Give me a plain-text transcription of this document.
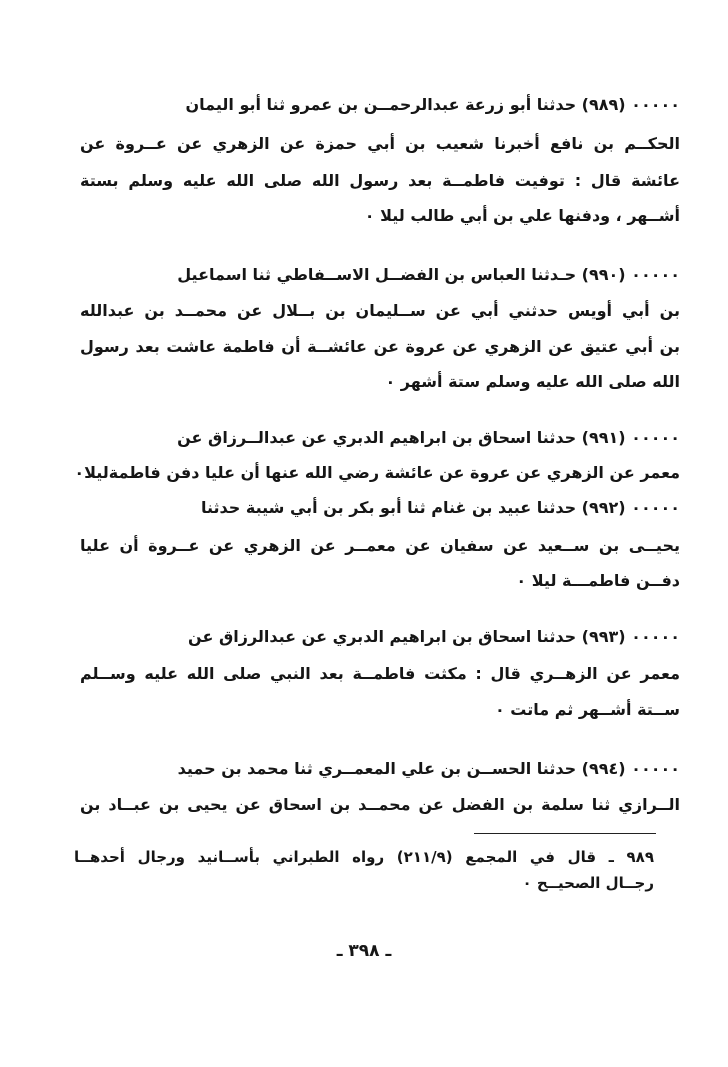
٠٠٠٠٠ (٩٨٩) حدثنا أبو زرعة عبدالرحمــن بن عمرو ثنا أبو اليمان
الحكــم بن نافع أخبرنا شعيب بن أبي حمزة عن الزهري عن عــروة عن
عائشة قال : توفيت فاطمــة بعد رسول الله صلى الله عليه وسلم بستة
أشــهر ، ودفنها علي بن أبي طالب ليلا ٠
٠٠٠٠٠ (٩٩٠) حـدثنا العباس بن الفضــل الاســفاطي ثنا اسماعيل
بن أبي أويس حدثني أبي عن ســليمان بن بــلال عن محمــد بن عبدالله
بن أبي عتيق عن الزهري عن عروة عن عائشــة أن فاطمة عاشت بعد رسول
الله صلى الله عليه وسلم ستة أشهر ٠
٠٠٠٠٠ (٩٩١) حدثنا اسحاق بن ابراهيم الدبري عن عبدالــرزاق عن
معمر عن الزهري عن عروة عن عائشة رضي الله عنها أن عليا دفن فاطمةليلا٠
٠٠٠٠٠ (٩٩٢) حدثنا عبيد بن غنام ثنا أبو بكر بن أبي شيبة حدثنا
يحيــى بن ســعيد عن سفيان عن معمــر عن الزهري عن عــروة أن عليا
دفــن فاطمـــة ليلا ٠
٠٠٠٠٠ (٩٩٣) حدثنا اسحاق بن ابراهيم الدبري عن عبدالرزاق عن
معمر عن الزهــري قال : مكثت فاطمــة بعد النبي صلى الله عليه وســلم
ســتة أشــهر ثم ماتت ٠
٠٠٠٠٠ (٩٩٤) حدثنا الحســن بن علي المعمــري ثنا محمد بن حميد
الــرازي ثنا سلمة بن الفضل عن محمــد بن اسحاق عن يحيى بن عبــاد بن
٩٨٩ ـ قال في المجمع (٢١١/٩) رواه الطبراني بأســانيد ورجال أحدهــا
رجــال الصحيــح ٠
ـ ٣٩٨ ـ
